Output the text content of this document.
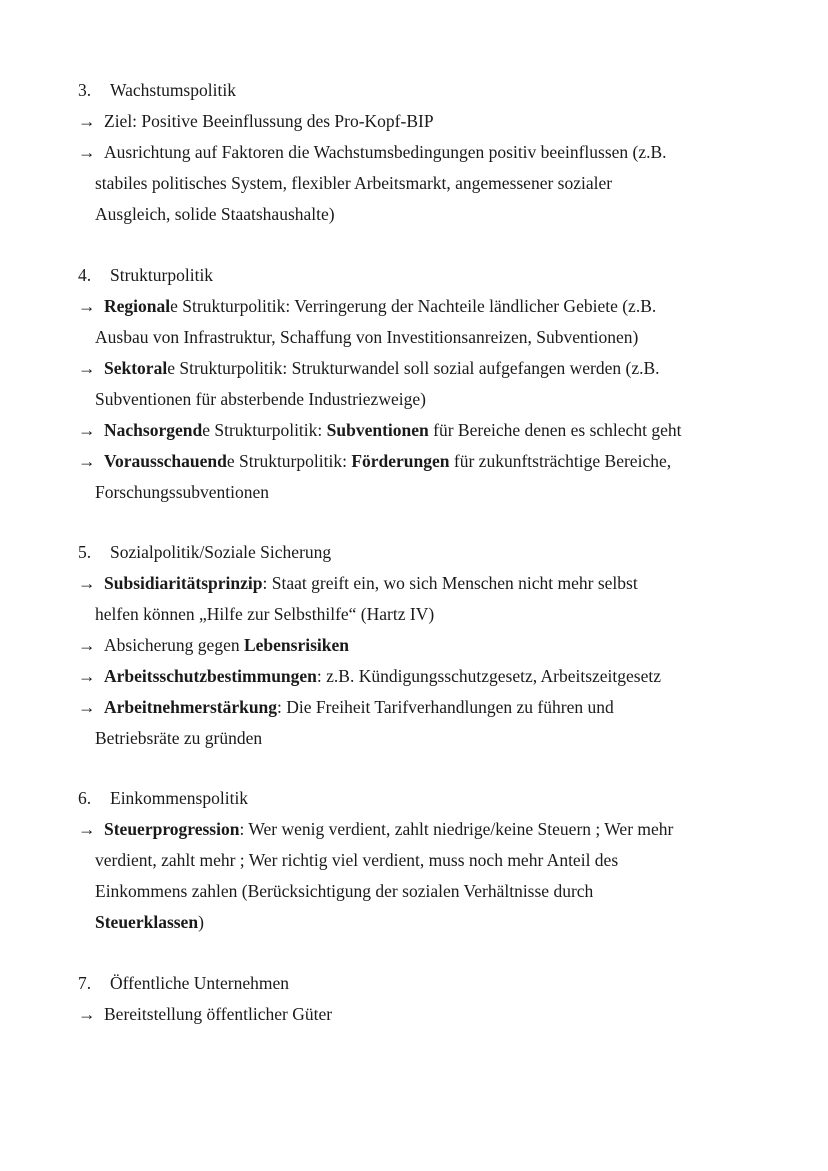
3. Wachstumspolitik
→ Ziel: Positive Beeinflussung des Pro-Kopf-BIP
→ Ausrichtung auf Faktoren die Wachstumsbedingungen positiv beeinflussen (z.B.
stabiles politisches System, flexibler Arbeitsmarkt, angemessener sozialer
Ausgleich, solide Staatshaushalte)
4. Strukturpolitik
→ Regionale Strukturpolitik: Verringerung der Nachteile ländlicher Gebiete (z.B.
Ausbau von Infrastruktur, Schaffung von Investitionsanreizen, Subventionen)
→ Sektorale Strukturpolitik: Strukturwandel soll sozial aufgefangen werden (z.B.
Subventionen für absterbende Industriezweige)
→ Nachsorgende Strukturpolitik: Subventionen für Bereiche denen es schlecht geht
→ Vorausschauende Strukturpolitik: Förderungen für zukunftsträchtige Bereiche,
Forschungssubventionen
5. Sozialpolitik/Soziale Sicherung
→ Subsidiaritätsprinzip: Staat greift ein, wo sich Menschen nicht mehr selbst
helfen können „Hilfe zur Selbsthilfe“ (Hartz IV)
→ Absicherung gegen Lebensrisiken
→ Arbeitsschutzbestimmungen: z.B. Kündigungsschutzgesetz, Arbeitszeitgesetz
→ Arbeitnehmerstärkung: Die Freiheit Tarifverhandlungen zu führen und
Betriebsräte zu gründen
6. Einkommenspolitik
→ Steuerprogression: Wer wenig verdient, zahlt niedrige/keine Steuern ; Wer mehr
verdient, zahlt mehr ; Wer richtig viel verdient, muss noch mehr Anteil des
Einkommens zahlen (Berücksichtigung der sozialen Verhältnisse durch
Steuerklassen)
7. Öffentliche Unternehmen
→ Bereitstellung öffentlicher Güter
